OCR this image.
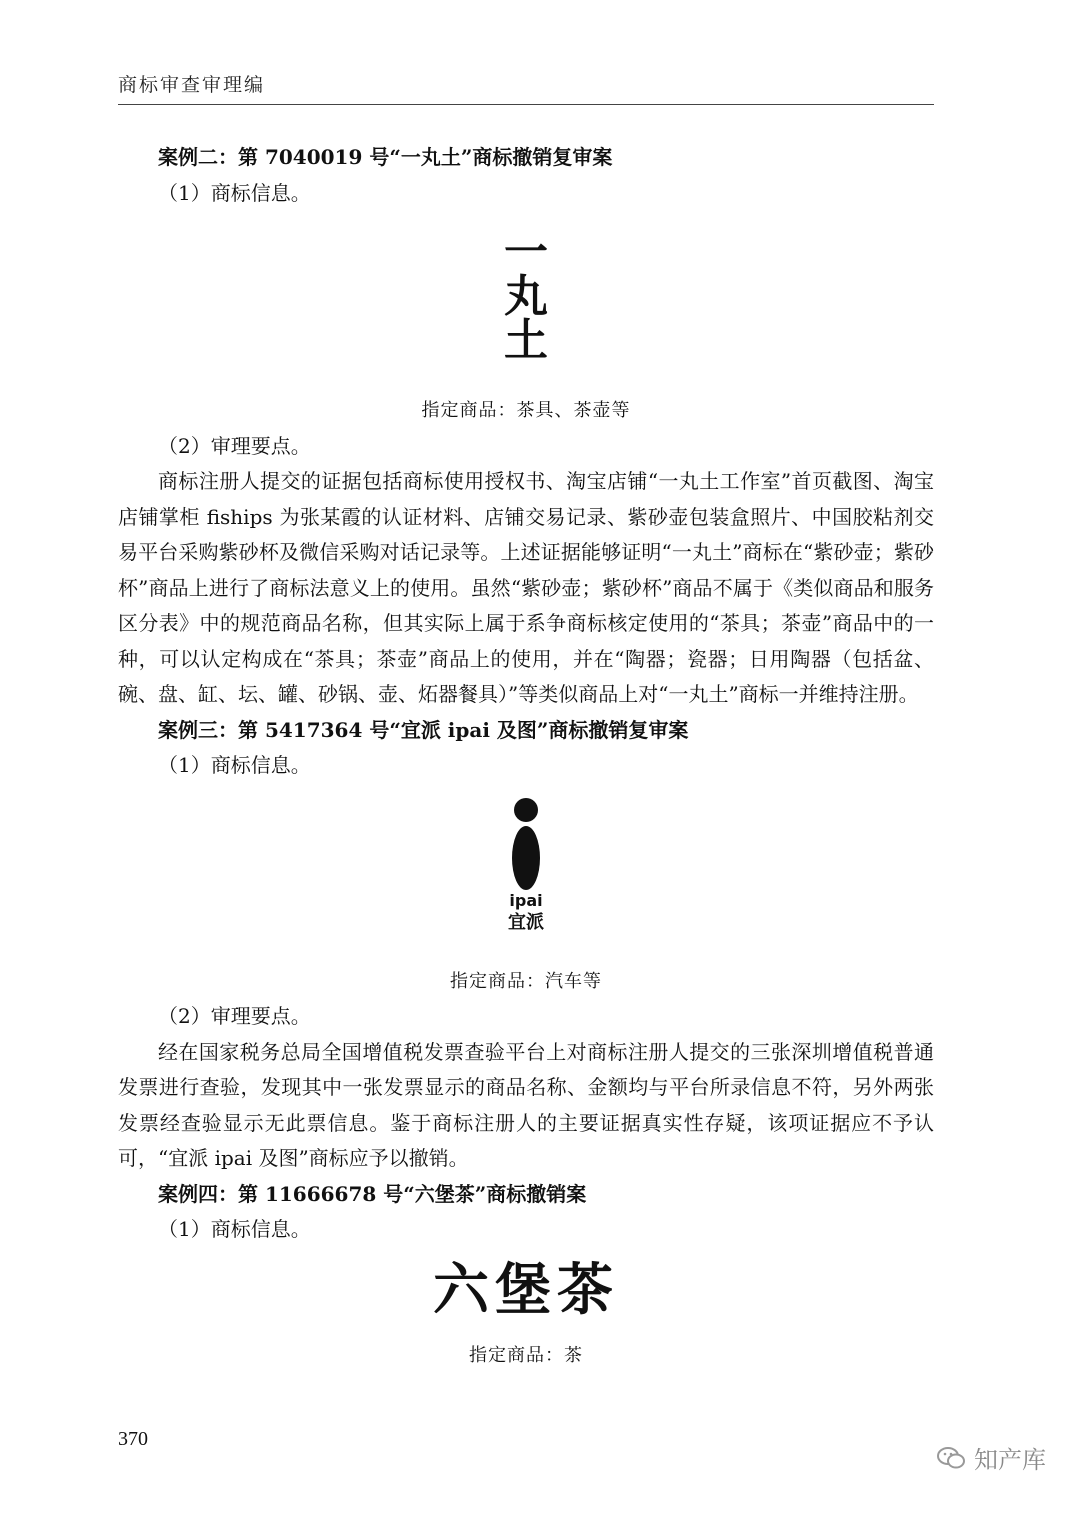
商标审查审理编
案例二：第 7040019 号“一丸土”商标撤销复审案
（1）商标信息。
一
丸
土
指定商品：茶具、茶壶等
（2）审理要点。
商标注册人提交的证据包括商标使用授权书、淘宝店铺“一丸土工作室”首页截图、淘宝店铺掌柜 fiships 为张某霞的认证材料、店铺交易记录、紫砂壶包装盒照片、中国胶粘剂交易平台采购紫砂杯及微信采购对话记录等。上述证据能够证明“一丸土”商标在“紫砂壶；紫砂杯”商品上进行了商标法意义上的使用。虽然“紫砂壶；紫砂杯”商品不属于《类似商品和服务区分表》中的规范商品名称，但其实际上属于系争商标核定使用的“茶具；茶壶”商品中的一种，可以认定构成在“茶具；茶壶”商品上的使用，并在“陶器；瓷器；日用陶器（包括盆、碗、盘、缸、坛、罐、砂锅、壶、炻器餐具）”等类似商品上对“一丸土”商标一并维持注册。
案例三：第 5417364 号“宜派 ipai 及图”商标撤销复审案
（1）商标信息。
ipai
宜派
指定商品：汽车等
（2）审理要点。
经在国家税务总局全国增值税发票查验平台上对商标注册人提交的三张深圳增值税普通发票进行查验，发现其中一张发票显示的商品名称、金额均与平台所录信息不符，另外两张发票经查验显示无此票信息。鉴于商标注册人的主要证据真实性存疑，该项证据应不予认可，“宜派 ipai 及图”商标应予以撤销。
案例四：第 11666678 号“六堡茶”商标撤销案
（1）商标信息。
六堡茶
指定商品：茶
370
知产库
